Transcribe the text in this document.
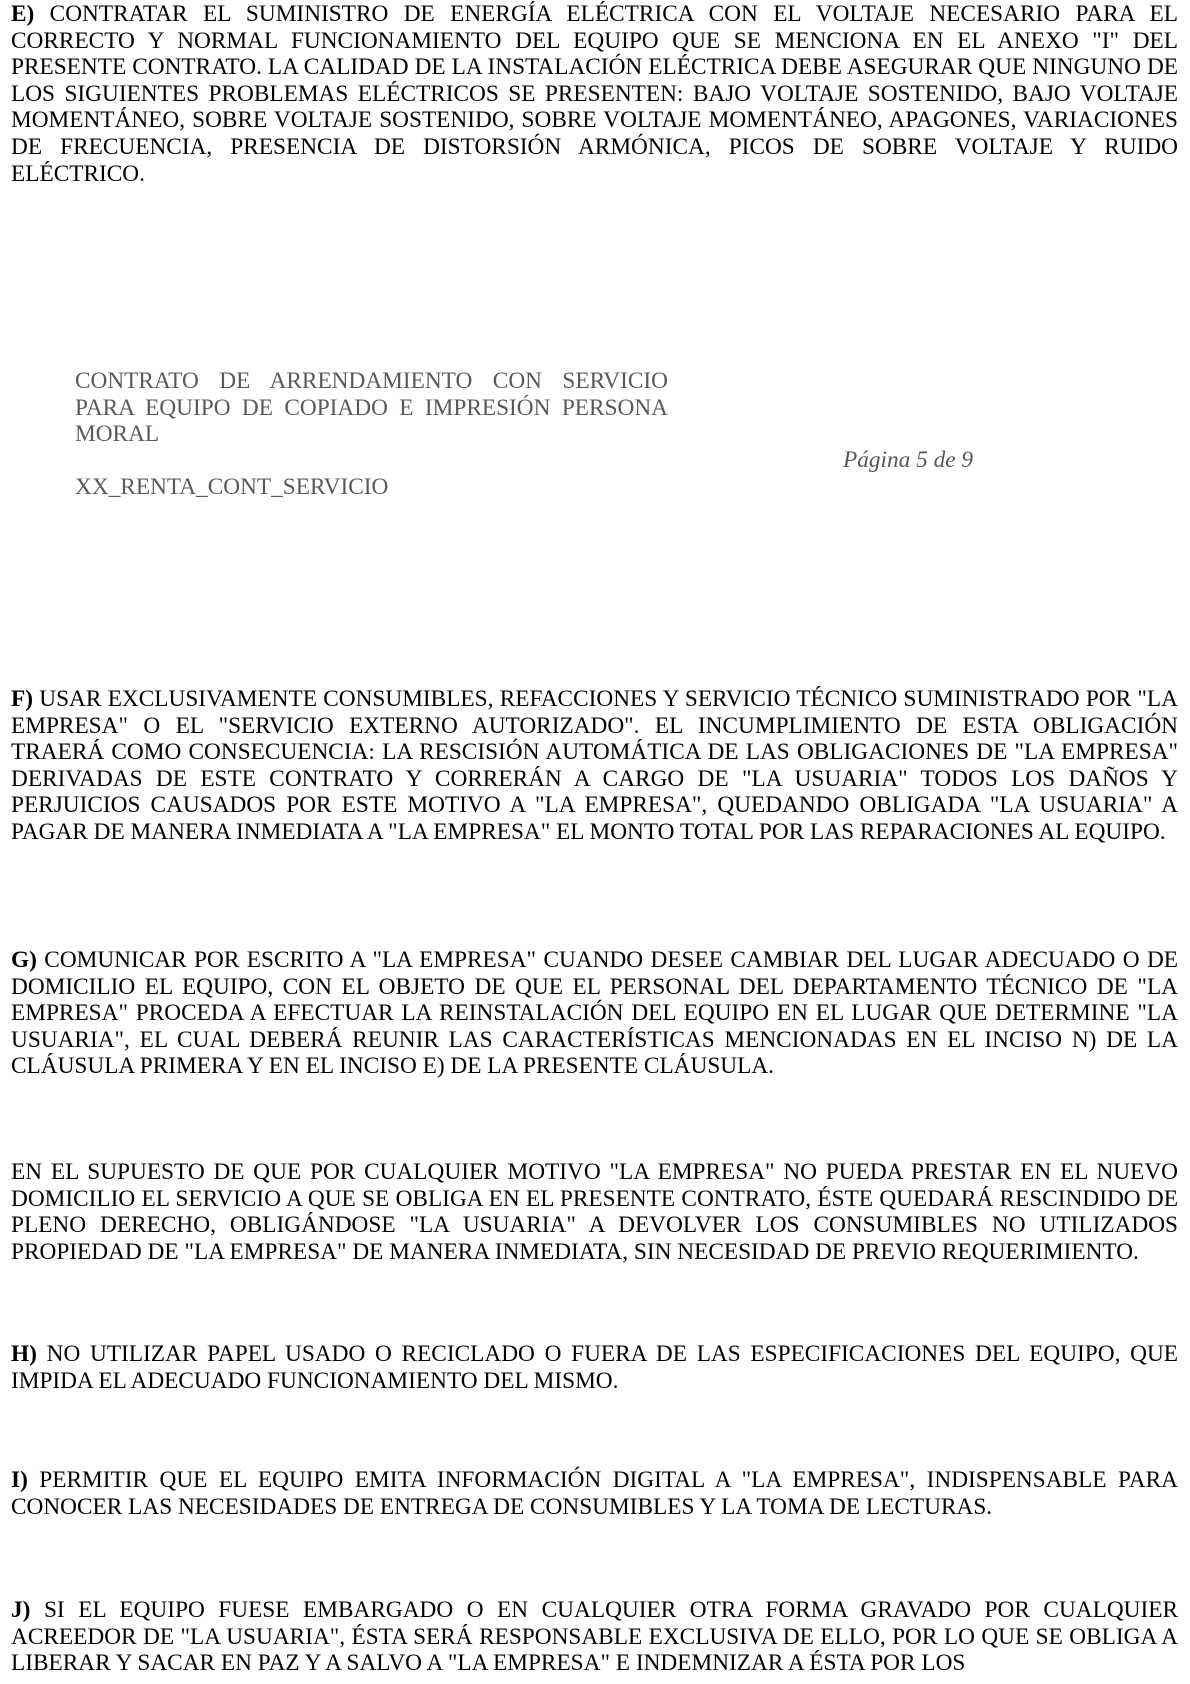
E) CONTRATAR EL SUMINISTRO DE ENERGÍA ELÉCTRICA CON EL VOLTAJE NECESARIO PARA EL CORRECTO Y NORMAL FUNCIONAMIENTO DEL EQUIPO QUE SE MENCIONA EN EL ANEXO "I" DEL PRESENTE CONTRATO. LA CALIDAD DE LA INSTALACIÓN ELÉCTRICA DEBE ASEGURAR QUE NINGUNO DE LOS SIGUIENTES PROBLEMAS ELÉCTRICOS SE PRESENTEN: BAJO VOLTAJE SOSTENIDO, BAJO VOLTAJE MOMENTÁNEO, SOBRE VOLTAJE SOSTENIDO, SOBRE VOLTAJE MOMENTÁNEO, APAGONES, VARIACIONES DE FRECUENCIA, PRESENCIA DE DISTORSIÓN ARMÓNICA, PICOS DE SOBRE VOLTAJE Y RUIDO ELÉCTRICO.
CONTRATO DE ARRENDAMIENTO CON SERVICIO PARA EQUIPO DE COPIADO E IMPRESIÓN PERSONA MORAL
Página 5 de 9
XX_RENTA_CONT_SERVICIO
F) USAR EXCLUSIVAMENTE CONSUMIBLES, REFACCIONES Y SERVICIO TÉCNICO SUMINISTRADO POR "LA EMPRESA" O EL "SERVICIO EXTERNO AUTORIZADO". EL INCUMPLIMIENTO DE ESTA OBLIGACIÓN TRAERÁ COMO CONSECUENCIA: LA RESCISIÓN AUTOMÁTICA DE LAS OBLIGACIONES DE "LA EMPRESA" DERIVADAS DE ESTE CONTRATO Y CORRERÁN A CARGO DE "LA USUARIA" TODOS LOS DAÑOS Y PERJUICIOS CAUSADOS POR ESTE MOTIVO A "LA EMPRESA", QUEDANDO OBLIGADA "LA USUARIA" A PAGAR DE MANERA INMEDIATA A "LA EMPRESA" EL MONTO TOTAL POR LAS REPARACIONES AL EQUIPO.
G) COMUNICAR POR ESCRITO A "LA EMPRESA" CUANDO DESEE CAMBIAR DEL LUGAR ADECUADO O DE DOMICILIO EL EQUIPO, CON EL OBJETO DE QUE EL PERSONAL DEL DEPARTAMENTO TÉCNICO DE "LA EMPRESA" PROCEDA A EFECTUAR LA REINSTALACIÓN DEL EQUIPO EN EL LUGAR QUE DETERMINE "LA USUARIA", EL CUAL DEBERÁ REUNIR LAS CARACTERÍSTICAS MENCIONADAS EN EL INCISO N) DE LA CLÁUSULA PRIMERA Y EN EL INCISO E) DE LA PRESENTE CLÁUSULA.
EN EL SUPUESTO DE QUE POR CUALQUIER MOTIVO "LA EMPRESA" NO PUEDA PRESTAR EN EL NUEVO DOMICILIO EL SERVICIO A QUE SE OBLIGA EN EL PRESENTE CONTRATO, ÉSTE QUEDARÁ RESCINDIDO DE PLENO DERECHO, OBLIGÁNDOSE "LA USUARIA" A DEVOLVER LOS CONSUMIBLES NO UTILIZADOS PROPIEDAD DE "LA EMPRESA" DE MANERA INMEDIATA, SIN NECESIDAD DE PREVIO REQUERIMIENTO.
H) NO UTILIZAR PAPEL USADO O RECICLADO O FUERA DE LAS ESPECIFICACIONES DEL EQUIPO, QUE IMPIDA EL ADECUADO FUNCIONAMIENTO DEL MISMO.
I) PERMITIR QUE EL EQUIPO EMITA INFORMACIÓN DIGITAL A "LA EMPRESA", INDISPENSABLE PARA CONOCER LAS NECESIDADES DE ENTREGA DE CONSUMIBLES Y LA TOMA DE LECTURAS.
J) SI EL EQUIPO FUESE EMBARGADO O EN CUALQUIER OTRA FORMA GRAVADO POR CUALQUIER ACREEDOR DE "LA USUARIA", ÉSTA SERÁ RESPONSABLE EXCLUSIVA DE ELLO, POR LO QUE SE OBLIGA A LIBERAR Y SACAR EN PAZ Y A SALVO A "LA EMPRESA" E INDEMNIZAR A ÉSTA POR LOS
